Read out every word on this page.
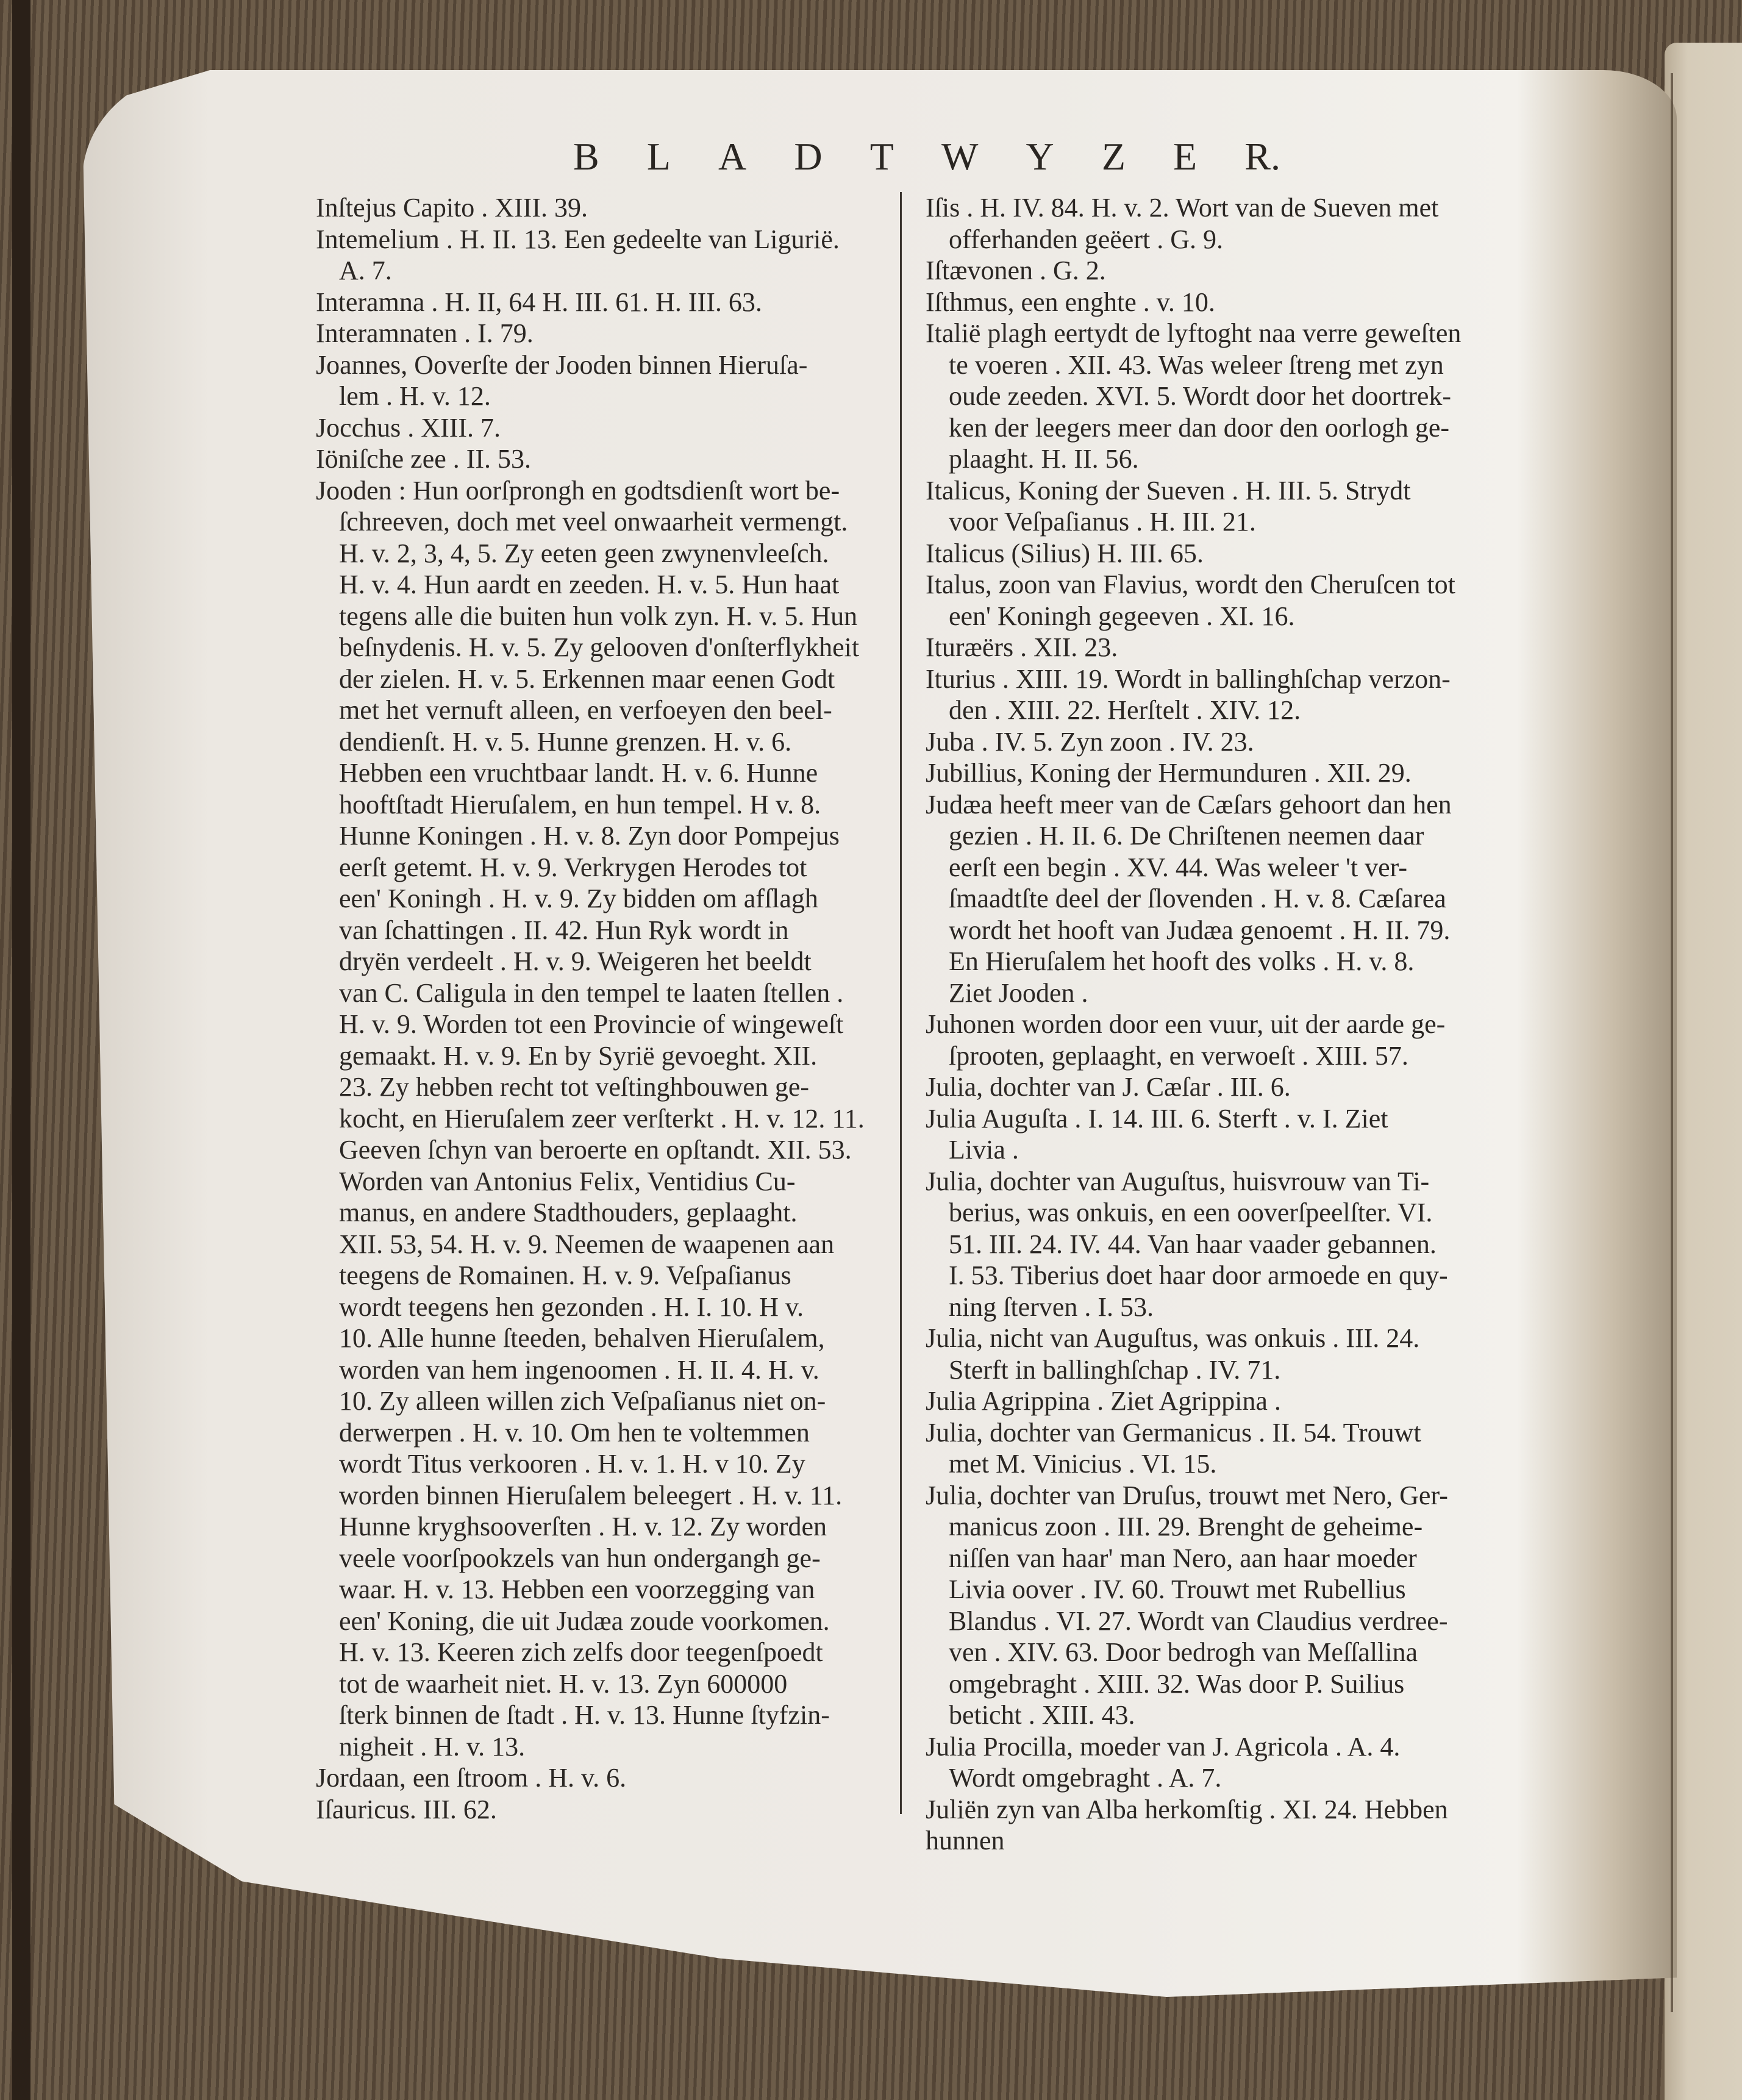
B L A D T W Y Z E R.
Inſtejus Capito . XIII. 39.
Intemelium . H. II. 13. Een gedeelte van Liguriё.
A. 7.
Interamna . H. II, 64 H. III. 61. H. III. 63.
Interamnaten . I. 79.
Joannes, Ooverſte der Jooden binnen Hieruſa-
lem . H. v. 12.
Jocchus . XIII. 7.
Iöniſche zee . II. 53.
Jooden : Hun oorſprongh en godtsdienſt wort be-
ſchreeven, doch met veel onwaarheit vermengt.
H. v. 2, 3, 4, 5. Zy eeten geen zwynenvleeſch.
H. v. 4. Hun aardt en zeeden. H. v. 5. Hun haat
tegens alle die buiten hun volk zyn. H. v. 5. Hun
beſnydenis. H. v. 5. Zy gelooven d'onſterflykheit
der zielen. H. v. 5. Erkennen maar eenen Godt
met het vernuft alleen, en verfoeyen den beel-
dendienſt. H. v. 5. Hunne grenzen. H. v. 6.
Hebben een vruchtbaar landt. H. v. 6. Hunne
hooftſtadt Hieruſalem, en hun tempel. H v. 8.
Hunne Koningen . H. v. 8. Zyn door Pompejus
eerſt getemt. H. v. 9. Verkrygen Herodes tot
een' Koningh . H. v. 9. Zy bidden om afſlagh
van ſchattingen . II. 42. Hun Ryk wordt in
dryën verdeelt . H. v. 9. Weigeren het beeldt
van C. Caligula in den tempel te laaten ſtellen .
H. v. 9. Worden tot een Provincie of wingeweſt
gemaakt. H. v. 9. En by Syriё gevoeght. XII.
23. Zy hebben recht tot veſtinghbouwen ge-
kocht, en Hieruſalem zeer verſterkt . H. v. 12. 11.
Geeven ſchyn van beroerte en opſtandt. XII. 53.
Worden van Antonius Felix, Ventidius Cu-
manus, en andere Stadthouders, geplaaght.
XII. 53, 54. H. v. 9. Neemen de waapenen aan
teegens de Romainen. H. v. 9. Veſpaſianus
wordt teegens hen gezonden . H. I. 10. H v.
10. Alle hunne ſteeden, behalven Hieruſalem,
worden van hem ingenoomen . H. II. 4. H. v.
10. Zy alleen willen zich Veſpaſianus niet on-
derwerpen . H. v. 10. Om hen te voltemmen
wordt Titus verkooren . H. v. 1. H. v 10. Zy
worden binnen Hieruſalem beleegert . H. v. 11.
Hunne kryghsooverſten . H. v. 12. Zy worden
veele voorſpookzels van hun ondergangh ge-
waar. H. v. 13. Hebben een voorzegging van
een' Koning, die uit Judæa zoude voorkomen.
H. v. 13. Keeren zich zelfs door teegenſpoedt
tot de waarheit niet. H. v. 13. Zyn 600000
ſterk binnen de ſtadt . H. v. 13. Hunne ſtyfzin-
nigheit . H. v. 13.
Jordaan, een ſtroom . H. v. 6.
Iſauricus. III. 62.
Iſis . H. IV. 84. H. v. 2. Wort van de Sueven met
offerhanden geëert . G. 9.
Iſtævonen . G. 2.
Iſthmus, een enghte . v. 10.
Italiё plagh eertydt de lyftoght naa verre geweſten
te voeren . XII. 43. Was weleer ſtreng met zyn
oude zeeden. XVI. 5. Wordt door het doortrek-
ken der leegers meer dan door den oorlogh ge-
plaaght. H. II. 56.
Italicus, Koning der Sueven . H. III. 5. Strydt
voor Veſpaſianus . H. III. 21.
Italicus (Silius) H. III. 65.
Italus, zoon van Flavius, wordt den Cheruſcen tot
een' Koningh gegeeven . XI. 16.
Ituræërs . XII. 23.
Iturius . XIII. 19. Wordt in ballinghſchap verzon-
den . XIII. 22. Herſtelt . XIV. 12.
Juba . IV. 5. Zyn zoon . IV. 23.
Jubillius, Koning der Hermunduren . XII. 29.
Judæa heeft meer van de Cæſars gehoort dan hen
gezien . H. II. 6. De Chriſtenen neemen daar
eerſt een begin . XV. 44. Was weleer 't ver-
ſmaadtſte deel der ſlovenden . H. v. 8. Cæſarea
wordt het hooft van Judæa genoemt . H. II. 79.
En Hieruſalem het hooft des volks . H. v. 8.
Ziet Jooden .
Juhonen worden door een vuur, uit der aarde ge-
ſprooten, geplaaght, en verwoeſt . XIII. 57.
Julia, dochter van J. Cæſar . III. 6.
Julia Auguſta . I. 14. III. 6. Sterft . v. I. Ziet
Livia .
Julia, dochter van Auguſtus, huisvrouw van Ti-
berius, was onkuis, en een ooverſpeelſter. VI.
51. III. 24. IV. 44. Van haar vaader gebannen.
I. 53. Tiberius doet haar door armoede en quy-
ning ſterven . I. 53.
Julia, nicht van Auguſtus, was onkuis . III. 24.
Sterft in ballinghſchap . IV. 71.
Julia Agrippina . Ziet Agrippina .
Julia, dochter van Germanicus . II. 54. Trouwt
met M. Vinicius . VI. 15.
Julia, dochter van Druſus, trouwt met Nero, Ger-
manicus zoon . III. 29. Brenght de geheime-
niſſen van haar' man Nero, aan haar moeder
Livia oover . IV. 60. Trouwt met Rubellius
Blandus . VI. 27. Wordt van Claudius verdree-
ven . XIV. 63. Door bedrogh van Meſſallina
omgebraght . XIII. 32. Was door P. Suilius
beticht . XIII. 43.
Julia Procilla, moeder van J. Agricola . A. 4.
Wordt omgebraght . A. 7.
Juliёn zyn van Alba herkomſtig . XI. 24. Hebben
hunnen
